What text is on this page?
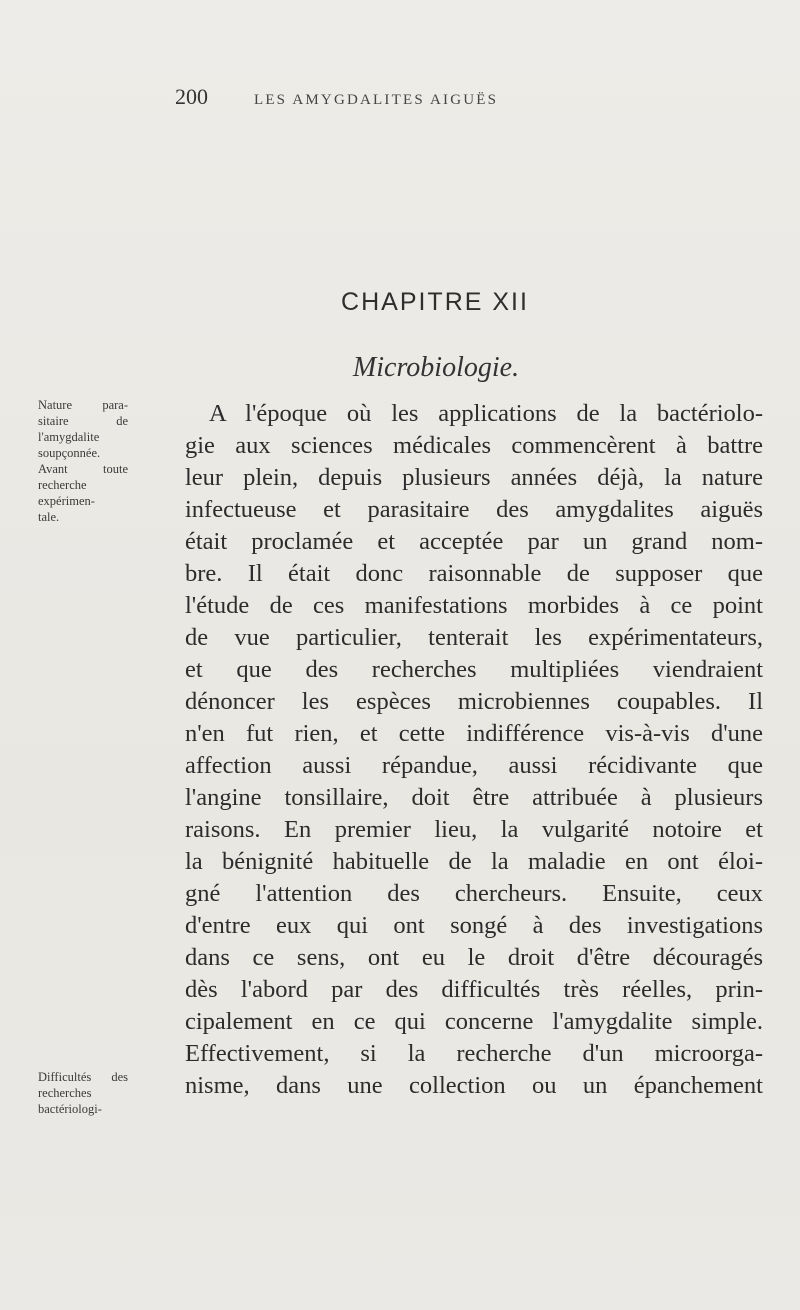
200	LES AMYGDALITES AIGUËS
CHAPITRE XII
Microbiologie.
Nature para-
sitaire de
l'amygdalite
soupçonnée.
Avant toute
recherche
expérimen-
tale.
Difficultés des
recherches
bactériologi-
A l'époque où les applications de la bactériolo-
gie aux sciences médicales commencèrent à battre
leur plein, depuis plusieurs années déjà, la nature
infectueuse et parasitaire des amygdalites aiguës
était proclamée et acceptée par un grand nom-
bre. Il était donc raisonnable de supposer que
l'étude de ces manifestations morbides à ce point
de vue particulier, tenterait les expérimentateurs,
et que des recherches multipliées viendraient
dénoncer les espèces microbiennes coupables. Il
n'en fut rien, et cette indifférence vis-à-vis d'une
affection aussi répandue, aussi récidivante que
l'angine tonsillaire, doit être attribuée à plusieurs
raisons. En premier lieu, la vulgarité notoire et
la bénignité habituelle de la maladie en ont éloi-
gné l'attention des chercheurs. Ensuite, ceux
d'entre eux qui ont songé à des investigations
dans ce sens, ont eu le droit d'être découragés
dès l'abord par des difficultés très réelles, prin-
cipalement en ce qui concerne l'amygdalite simple.
Effectivement, si la recherche d'un microorga-
nisme, dans une collection ou un épanchement
